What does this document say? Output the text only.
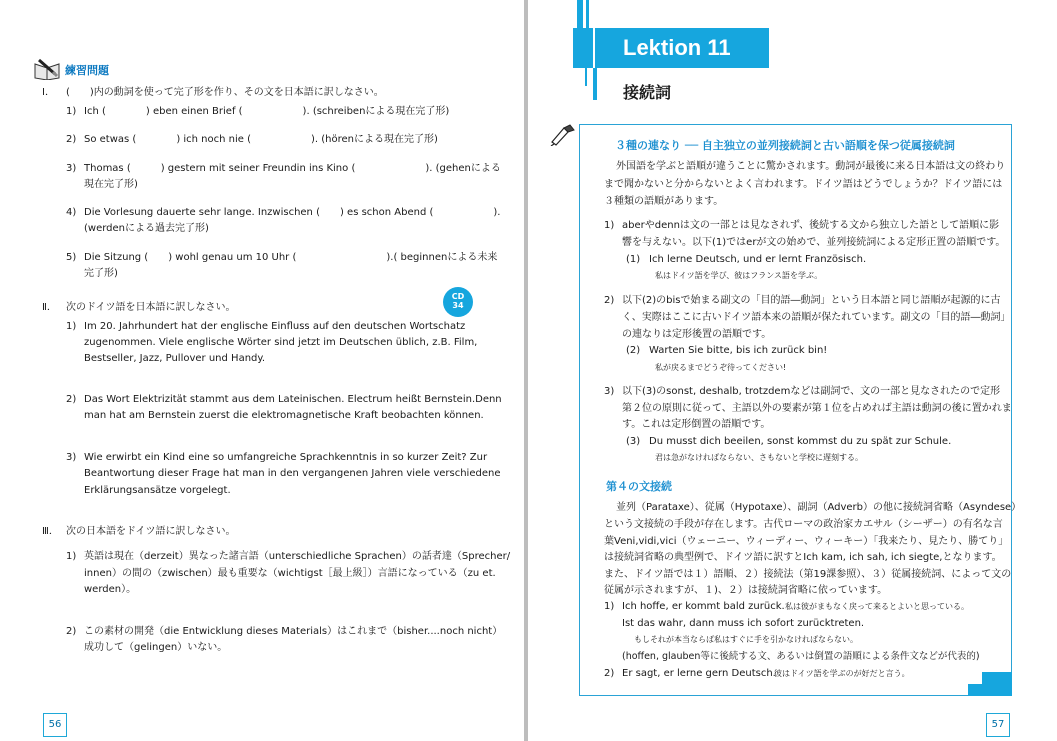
練習問題
Ⅰ． (　　)内の動詞を使って完了形を作り、その文を日本語に訳しなさい。
1) Ich (　　　　) eben einen Brief (　　　　　　). (schreibenによる現在完了形)
2) So etwas (　　　　) ich noch nie (　　　　　　). (hörenによる現在完了形)
3) Thomas (　　　) gestern mit seiner Freundin ins Kino (　　　　　　　). (gehenによる
現在完了形)
4) Die Vorlesung dauerte sehr lange. Inzwischen (　　) es schon Abend (　　　　　　).
(werdenによる過去完了形)
5) Die Sitzung (　　) wohl genau um 10 Uhr (　　　　　　　　　).( beginnenによる未来
完了形)
Ⅱ． 次のドイツ語を日本語に訳しなさい。
CD
34
1) Im 20. Jahrhundert hat der englische Einfluss auf den deutschen Wortschatz
zugenommen. Viele englische Wörter sind jetzt im Deutschen üblich, z.B. Film,
Bestseller, Jazz, Pullover und Handy.
2) Das Wort Elektrizität stammt aus dem Lateinischen. Electrum heißt Bernstein.Denn
man hat am Bernstein zuerst die elektromagnetische Kraft beobachten können.
3) Wie erwirbt ein Kind eine so umfangreiche Sprachkenntnis in so kurzer Zeit? Zur
Beantwortung dieser Frage hat man in den vergangenen Jahren viele verschiedene
Erklärungsansätze vorgelegt.
Ⅲ． 次の日本語をドイツ語に訳しなさい。
1) 英語は現在（derzeit）異なった諸言語（unterschiedliche Sprachen）の話者達（Sprecher/
innen）の間の（zwischen）最も重要な（wichtigst［最上級］）言語になっている（zu et.
werden）。
2) この素材の開発（die Entwicklung dieses Materials）はこれまで（bisher....noch nicht）
成功して（gelingen）いない。
56
Lektion 11
接続詞
３種の連なり ── 自主独立の並列接続詞と古い語順を保つ従属接続詞
外国語を学ぶと語順が違うことに驚かされます。動詞が最後に来る日本語は文の終わり
まで聞かないと分からないとよく言われます。ドイツ語はどうでしょうか？ドイツ語には
３種類の語順があります。
1) aberやdennは文の一部とは見なされず、後続する文から独立した語として語順に影
響を与えない。以下(1)ではerが文の始めで、並列接続詞による定形正置の語順です。
(1) Ich lerne Deutsch, und er lernt Französisch.
私はドイツ語を学び、彼はフランス語を学ぶ。
2) 以下(2)のbisで始まる副文の「目的語―動詞」という日本語と同じ語順が起源的に古
く、実際はここに古いドイツ語本来の語順が保たれています。副文の「目的語―動詞」
の連なりは定形後置の語順です。
(2) Warten Sie bitte, bis ich zurück bin!
私が戻るまでどうぞ待ってください!
3) 以下(3)のsonst, deshalb, trotzdemなどは副詞で、文の一部と見なされたので定形
第２位の原則に従って、主語以外の要素が第１位を占めれば主語は動詞の後に置かれま
す。これは定形倒置の語順です。
(3) Du musst dich beeilen, sonst kommst du zu spät zur Schule.
君は急がなければならない、さもないと学校に遅刻する。
第４の文接続
並列（Parataxe）、従属（Hypotaxe）、副詞（Adverb）の他に接続詞省略（Asyndese）
という文接続の手段が存在します。古代ローマの政治家カエサル（シーザー）の有名な言
葉Veni,vidi,vici（ウェーニー、ウィーディー、ウィーキー）「我来たり、見たり、勝てり」
は接続詞省略の典型例で、ドイツ語に訳すとIch kam, ich sah, ich siegte,となります。
また、ドイツ語では１）語順、２）接続法（第19課参照）、３）従属接続詞、によって文の
従属が示されますが、１)、２）は接続詞省略に依っています。
1) Ich hoffe, er kommt bald zurück. 私は彼がまもなく戻って来るとよいと思っている。
Ist das wahr, dann muss ich sofort zurücktreten.
もしそれが本当ならば私はすぐに手を引かなければならない。
(hoffen, glauben等に後続する文、あるいは倒置の語順による条件文などが代表的)
2) Er sagt, er lerne gern Deutsch.
彼はドイツ語を学ぶのが好だと言う。
57
